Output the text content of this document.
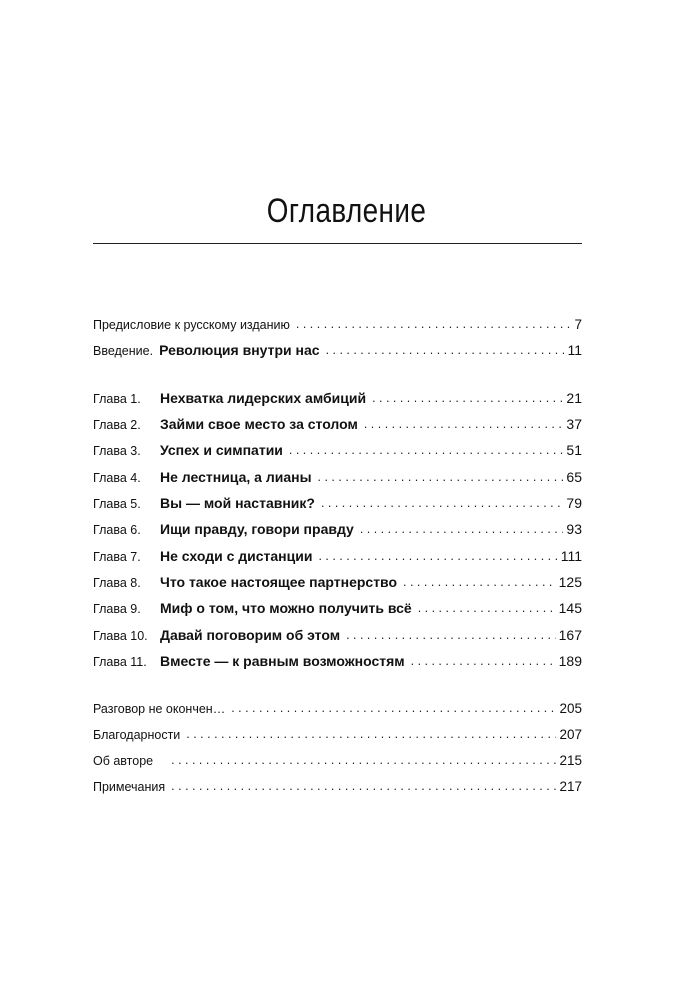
Оглавление
Предисловие к русскому изданию . . .	7
Введение. Революция внутри нас . . .	11
Глава 1.	Нехватка лидерских амбиций . . .	21
Глава 2.	Займи свое место за столом . . .	37
Глава 3.	Успех и симпатии . . .	51
Глава 4.	Не лестница, а лианы . . .	65
Глава 5.	Вы — мой наставник? . . .	79
Глава 6.	Ищи правду, говори правду . . .	93
Глава 7.	Не сходи с дистанции . . .	111
Глава 8.	Что такое настоящее партнерство . . .	125
Глава 9.	Миф о том, что можно получить всё . . .	145
Глава 10. Давай поговорим об этом . . .	167
Глава 11. Вместе — к равным возможностям . . .	189
Разговор не окончен… . . .	205
Благодарности . . .	207
Об авторе . . .	215
Примечания . . .	217
